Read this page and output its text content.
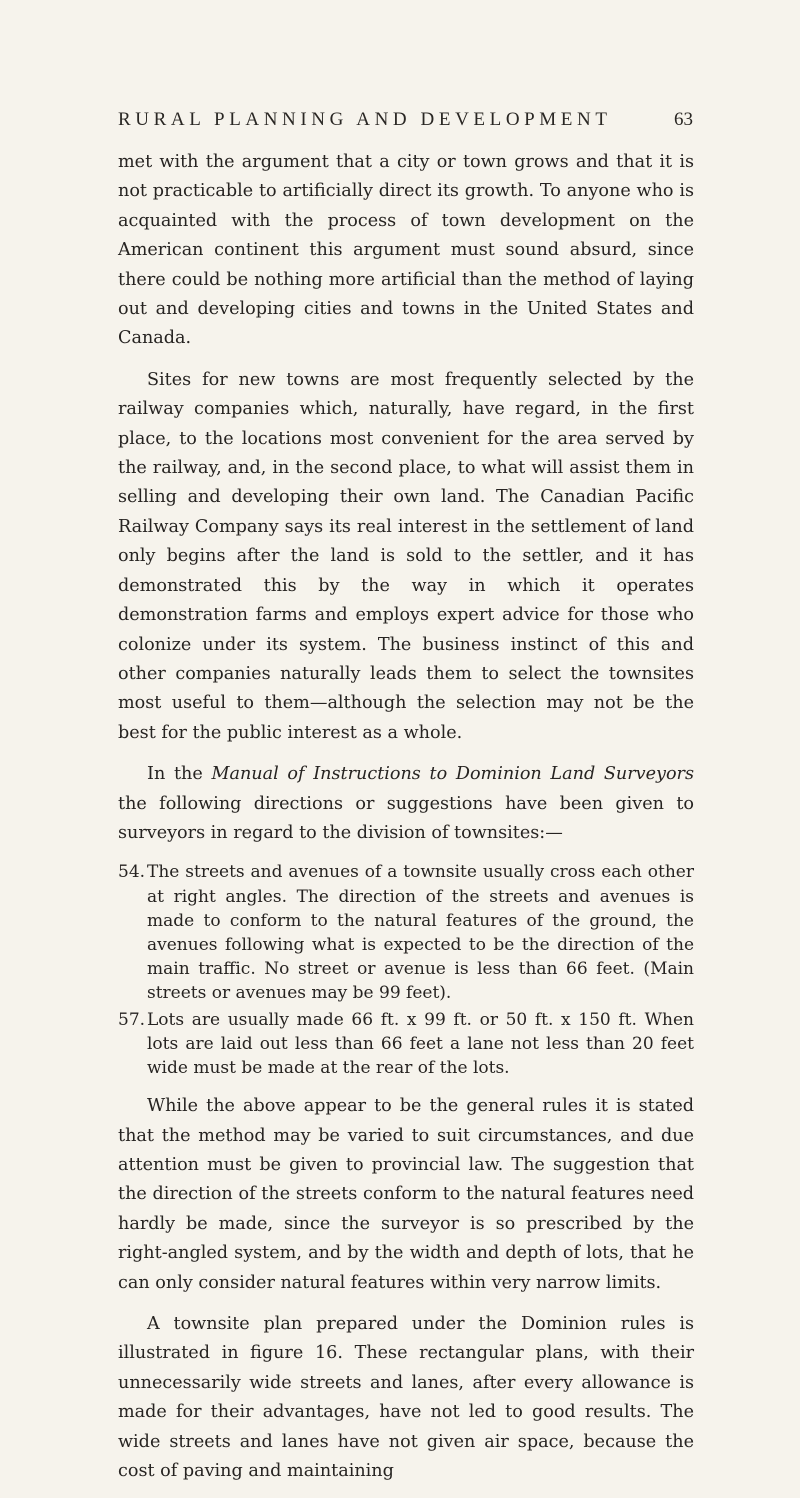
RURAL PLANNING AND DEVELOPMENT	63

met with the argument that a city or town grows and that it is not practicable to artificially direct its growth. To anyone who is acquainted with the process of town development on the American continent this argument must sound absurd, since there could be nothing more artificial than the method of laying out and developing cities and towns in the United States and Canada.

Sites for new towns are most frequently selected by the railway companies which, naturally, have regard, in the first place, to the locations most convenient for the area served by the railway, and, in the second place, to what will assist them in selling and developing their own land. The Canadian Pacific Railway Company says its real interest in the settlement of land only begins after the land is sold to the settler, and it has demonstrated this by the way in which it operates demonstration farms and employs expert advice for those who colonize under its system. The business instinct of this and other companies naturally leads them to select the townsites most useful to them—although the selection may not be the best for the public interest as a whole.

In the Manual of Instructions to Dominion Land Surveyors the following directions or suggestions have been given to surveyors in regard to the division of townsites:—

54. The streets and avenues of a townsite usually cross each other at right angles. The direction of the streets and avenues is made to conform to the natural features of the ground, the avenues following what is expected to be the direction of the main traffic. No street or avenue is less than 66 feet. (Main streets or avenues may be 99 feet).
57. Lots are usually made 66 ft. x 99 ft. or 50 ft. x 150 ft. When lots are laid out less than 66 feet a lane not less than 20 feet wide must be made at the rear of the lots.

While the above appear to be the general rules it is stated that the method may be varied to suit circumstances, and due attention must be given to provincial law. The suggestion that the direction of the streets conform to the natural features need hardly be made, since the surveyor is so prescribed by the right-angled system, and by the width and depth of lots, that he can only consider natural features within very narrow limits.

A townsite plan prepared under the Dominion rules is illustrated in figure 16. These rectangular plans, with their unnecessarily wide streets and lanes, after every allowance is made for their advantages, have not led to good results. The wide streets and lanes have not given air space, because the cost of paving and maintaining
